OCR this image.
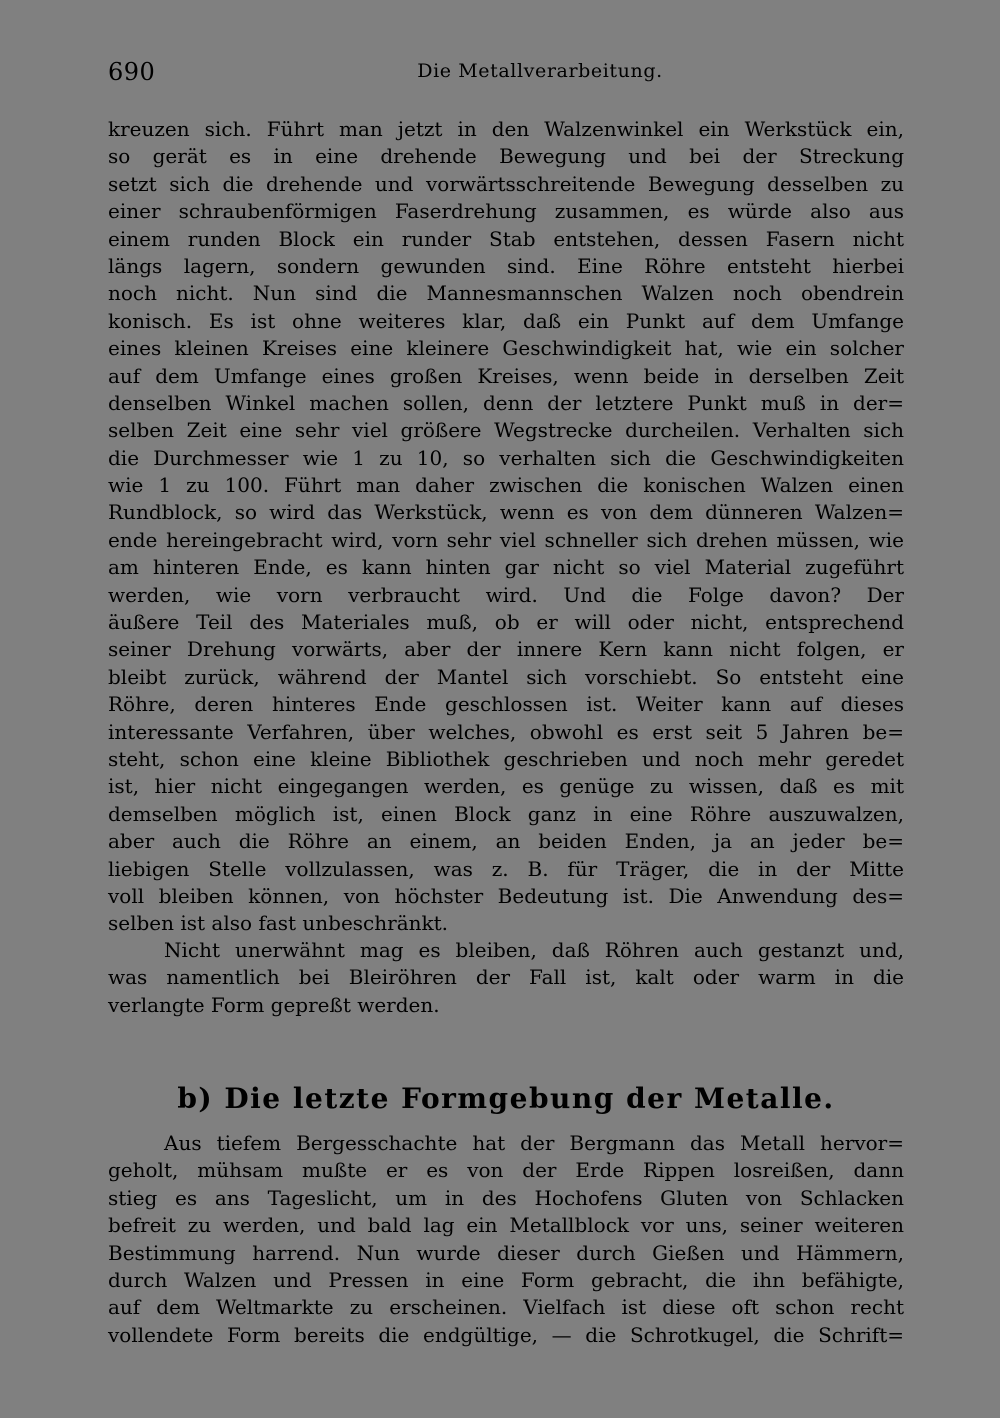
690	Die Metallverarbeitung.
kreuzen sich. Führt man jetzt in den Walzenwinkel ein Werkstück ein,
so gerät es in eine drehende Bewegung und bei der Streckung
setzt sich die drehende und vorwärtsschreitende Bewegung desselben zu
einer schraubenförmigen Faserdrehung zusammen, es würde also aus
einem runden Block ein runder Stab entstehen, dessen Fasern nicht
längs lagern, sondern gewunden sind. Eine Röhre entsteht hierbei
noch nicht. Nun sind die Mannesmannschen Walzen noch obendrein
konisch. Es ist ohne weiteres klar, daß ein Punkt auf dem Umfange
eines kleinen Kreises eine kleinere Geschwindigkeit hat, wie ein solcher
auf dem Umfange eines großen Kreises, wenn beide in derselben Zeit
denselben Winkel machen sollen, denn der letztere Punkt muß in der=
selben Zeit eine sehr viel größere Wegstrecke durcheilen. Verhalten sich
die Durchmesser wie 1 zu 10, so verhalten sich die Geschwindigkeiten
wie 1 zu 100. Führt man daher zwischen die konischen Walzen einen
Rundblock, so wird das Werkstück, wenn es von dem dünneren Walzen=
ende hereingebracht wird, vorn sehr viel schneller sich drehen müssen, wie
am hinteren Ende, es kann hinten gar nicht so viel Material zugeführt
werden, wie vorn verbraucht wird. Und die Folge davon? Der
äußere Teil des Materiales muß, ob er will oder nicht, entsprechend
seiner Drehung vorwärts, aber der innere Kern kann nicht folgen, er
bleibt zurück, während der Mantel sich vorschiebt. So entsteht eine
Röhre, deren hinteres Ende geschlossen ist. Weiter kann auf dieses
interessante Verfahren, über welches, obwohl es erst seit 5 Jahren be=
steht, schon eine kleine Bibliothek geschrieben und noch mehr geredet
ist, hier nicht eingegangen werden, es genüge zu wissen, daß es mit
demselben möglich ist, einen Block ganz in eine Röhre auszuwalzen,
aber auch die Röhre an einem, an beiden Enden, ja an jeder be=
liebigen Stelle vollzulassen, was z. B. für Träger, die in der Mitte
voll bleiben können, von höchster Bedeutung ist. Die Anwendung des=
selben ist also fast unbeschränkt.
Nicht unerwähnt mag es bleiben, daß Röhren auch gestanzt und,
was namentlich bei Bleiröhren der Fall ist, kalt oder warm in die
verlangte Form gepreßt werden.
b) Die letzte Formgebung der Metalle.
Aus tiefem Bergesschachte hat der Bergmann das Metall hervor=
geholt, mühsam mußte er es von der Erde Rippen losreißen, dann
stieg es ans Tageslicht, um in des Hochofens Gluten von Schlacken
befreit zu werden, und bald lag ein Metallblock vor uns, seiner weiteren
Bestimmung harrend. Nun wurde dieser durch Gießen und Hämmern,
durch Walzen und Pressen in eine Form gebracht, die ihn befähigte,
auf dem Weltmarkte zu erscheinen. Vielfach ist diese oft schon recht
vollendete Form bereits die endgültige, — die Schrotkugel, die Schrift=
